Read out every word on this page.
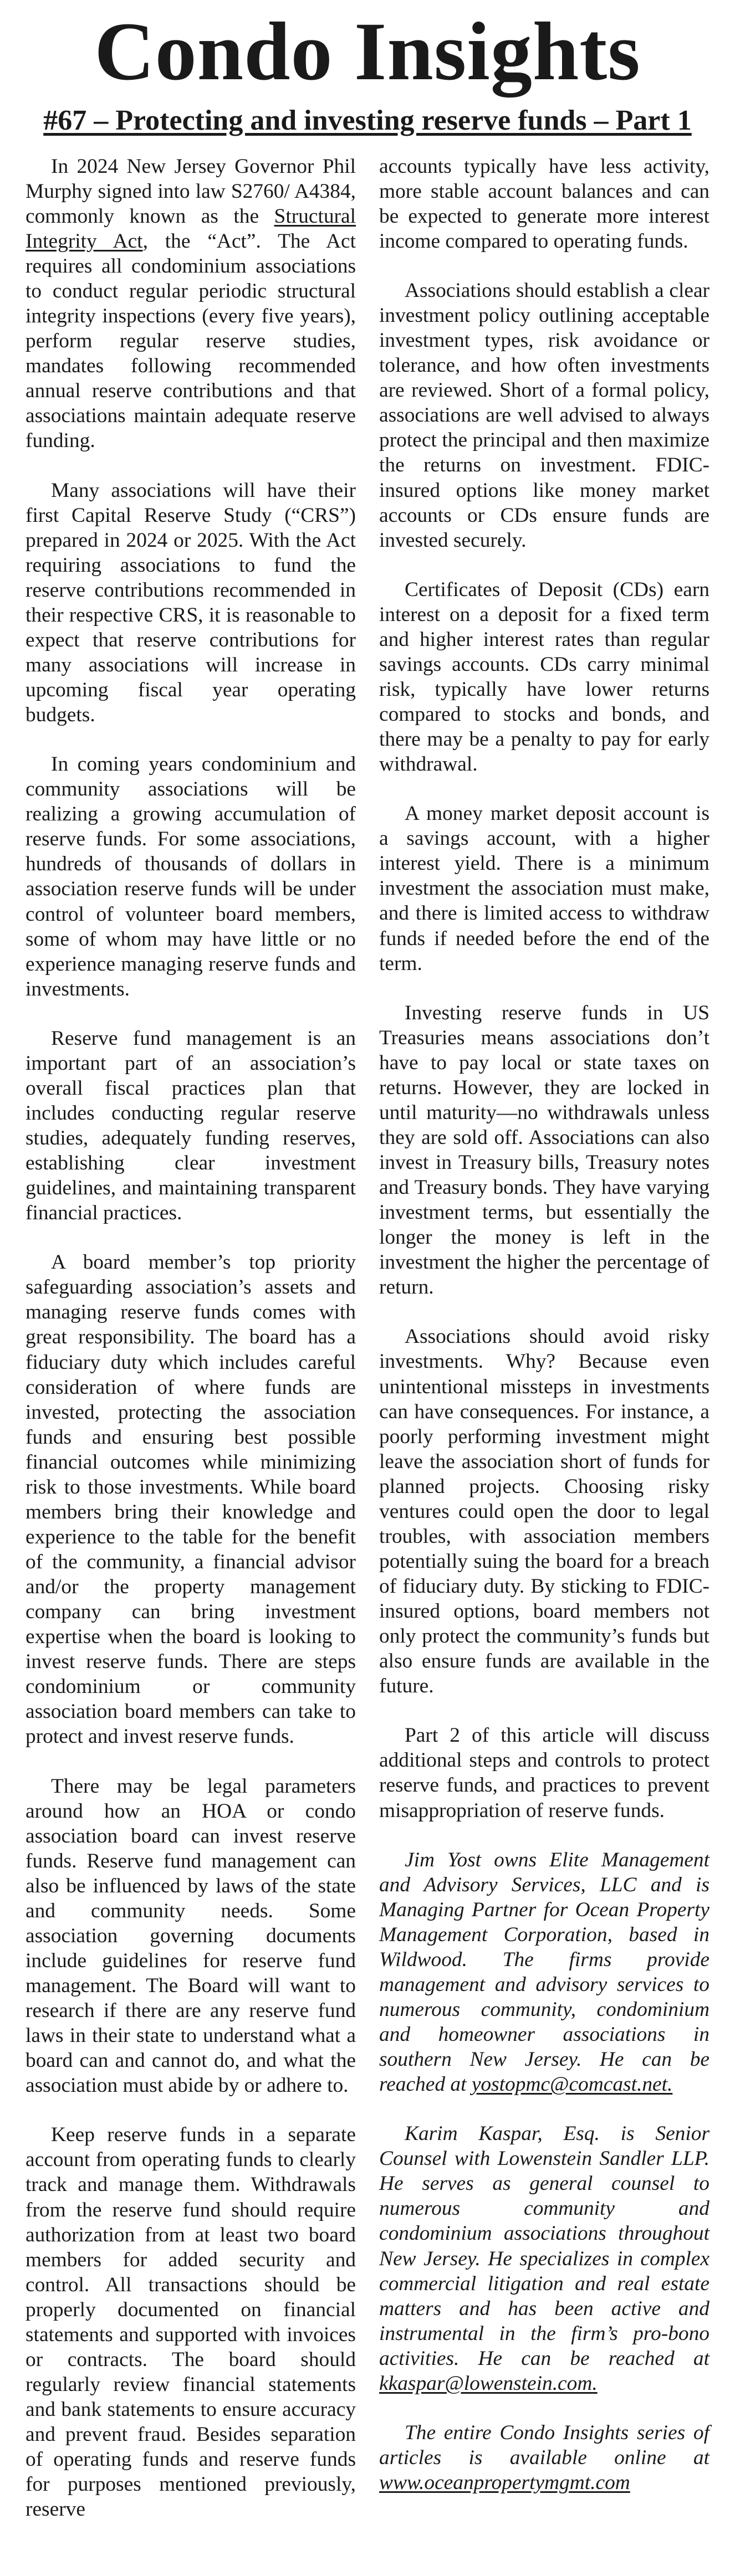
Condo Insights
#67 – Protecting and investing reserve funds – Part 1

In 2024 New Jersey Governor Phil Murphy signed into law S2760/ A4384, commonly known as the Structural Integrity Act, the “Act”. The Act requires all condominium associations to conduct regular periodic structural integrity inspections (every five years), perform regular reserve studies, mandates following recommended annual reserve contributions and that associations maintain adequate reserve funding.

Many associations will have their first Capital Reserve Study (“CRS”) prepared in 2024 or 2025. With the Act requiring associations to fund the reserve contributions recommended in their respective CRS, it is reasonable to expect that reserve contributions for many associations will increase in upcoming fiscal year operating budgets.

In coming years condominium and community associations will be realizing a growing accumulation of reserve funds. For some associations, hundreds of thousands of dollars in association reserve funds will be under control of volunteer board members, some of whom may have little or no experience managing reserve funds and investments.

Reserve fund management is an important part of an association’s overall fiscal practices plan that includes conducting regular reserve studies, adequately funding reserves, establishing clear investment guidelines, and maintaining transparent financial practices.

A board member’s top priority safeguarding association’s assets and managing reserve funds comes with great responsibility. The board has a fiduciary duty which includes careful consideration of where funds are invested, protecting the association funds and ensuring best possible financial outcomes while minimizing risk to those investments. While board members bring their knowledge and experience to the table for the benefit of the community, a financial advisor and/or the property management company can bring investment expertise when the board is looking to invest reserve funds. There are steps condominium or community association board members can take to protect and invest reserve funds.

There may be legal parameters around how an HOA or condo association board can invest reserve funds. Reserve fund management can also be influenced by laws of the state and community needs. Some association governing documents include guidelines for reserve fund management. The Board will want to research if there are any reserve fund laws in their state to understand what a board can and cannot do, and what the association must abide by or adhere to.

Keep reserve funds in a separate account from operating funds to clearly track and manage them. Withdrawals from the reserve fund should require authorization from at least two board members for added security and control. All transactions should be properly documented on financial statements and supported with invoices or contracts. The board should regularly review financial statements and bank statements to ensure accuracy and prevent fraud. Besides separation of operating funds and reserve funds for purposes mentioned previously, reserve

accounts typically have less activity, more stable account balances and can be expected to generate more interest income compared to operating funds.

Associations should establish a clear investment policy outlining acceptable investment types, risk avoidance or tolerance, and how often investments are reviewed. Short of a formal policy, associations are well advised to always protect the principal and then maximize the returns on investment. FDIC-insured options like money market accounts or CDs ensure funds are invested securely.

Certificates of Deposit (CDs) earn interest on a deposit for a fixed term and higher interest rates than regular savings accounts. CDs carry minimal risk, typically have lower returns compared to stocks and bonds, and there may be a penalty to pay for early withdrawal.

A money market deposit account is a savings account, with a higher interest yield. There is a minimum investment the association must make, and there is limited access to withdraw funds if needed before the end of the term.

Investing reserve funds in US Treasuries means associations don’t have to pay local or state taxes on returns. However, they are locked in until maturity—no withdrawals unless they are sold off. Associations can also invest in Treasury bills, Treasury notes and Treasury bonds. They have varying investment terms, but essentially the longer the money is left in the investment the higher the percentage of return.

Associations should avoid risky investments. Why? Because even unintentional missteps in investments can have consequences. For instance, a poorly performing investment might leave the association short of funds for planned projects. Choosing risky ventures could open the door to legal troubles, with association members potentially suing the board for a breach of fiduciary duty. By sticking to FDIC-insured options, board members not only protect the community’s funds but also ensure funds are available in the future.

Part 2 of this article will discuss additional steps and controls to protect reserve funds, and practices to prevent misappropriation of reserve funds.

Jim Yost owns Elite Management and Advisory Services, LLC and is Managing Partner for Ocean Property Management Corporation, based in Wildwood. The firms provide management and advisory services to numerous community, condominium and homeowner associations in southern New Jersey. He can be reached at yostopmc@comcast.net.

Karim Kaspar, Esq. is Senior Counsel with Lowenstein Sandler LLP. He serves as general counsel to numerous community and condominium associations throughout New Jersey. He specializes in complex commercial litigation and real estate matters and has been active and instrumental in the firm’s pro-bono activities. He can be reached at kkaspar@lowenstein.com.

The entire Condo Insights series of articles is available online at www.oceanpropertymgmt.com
